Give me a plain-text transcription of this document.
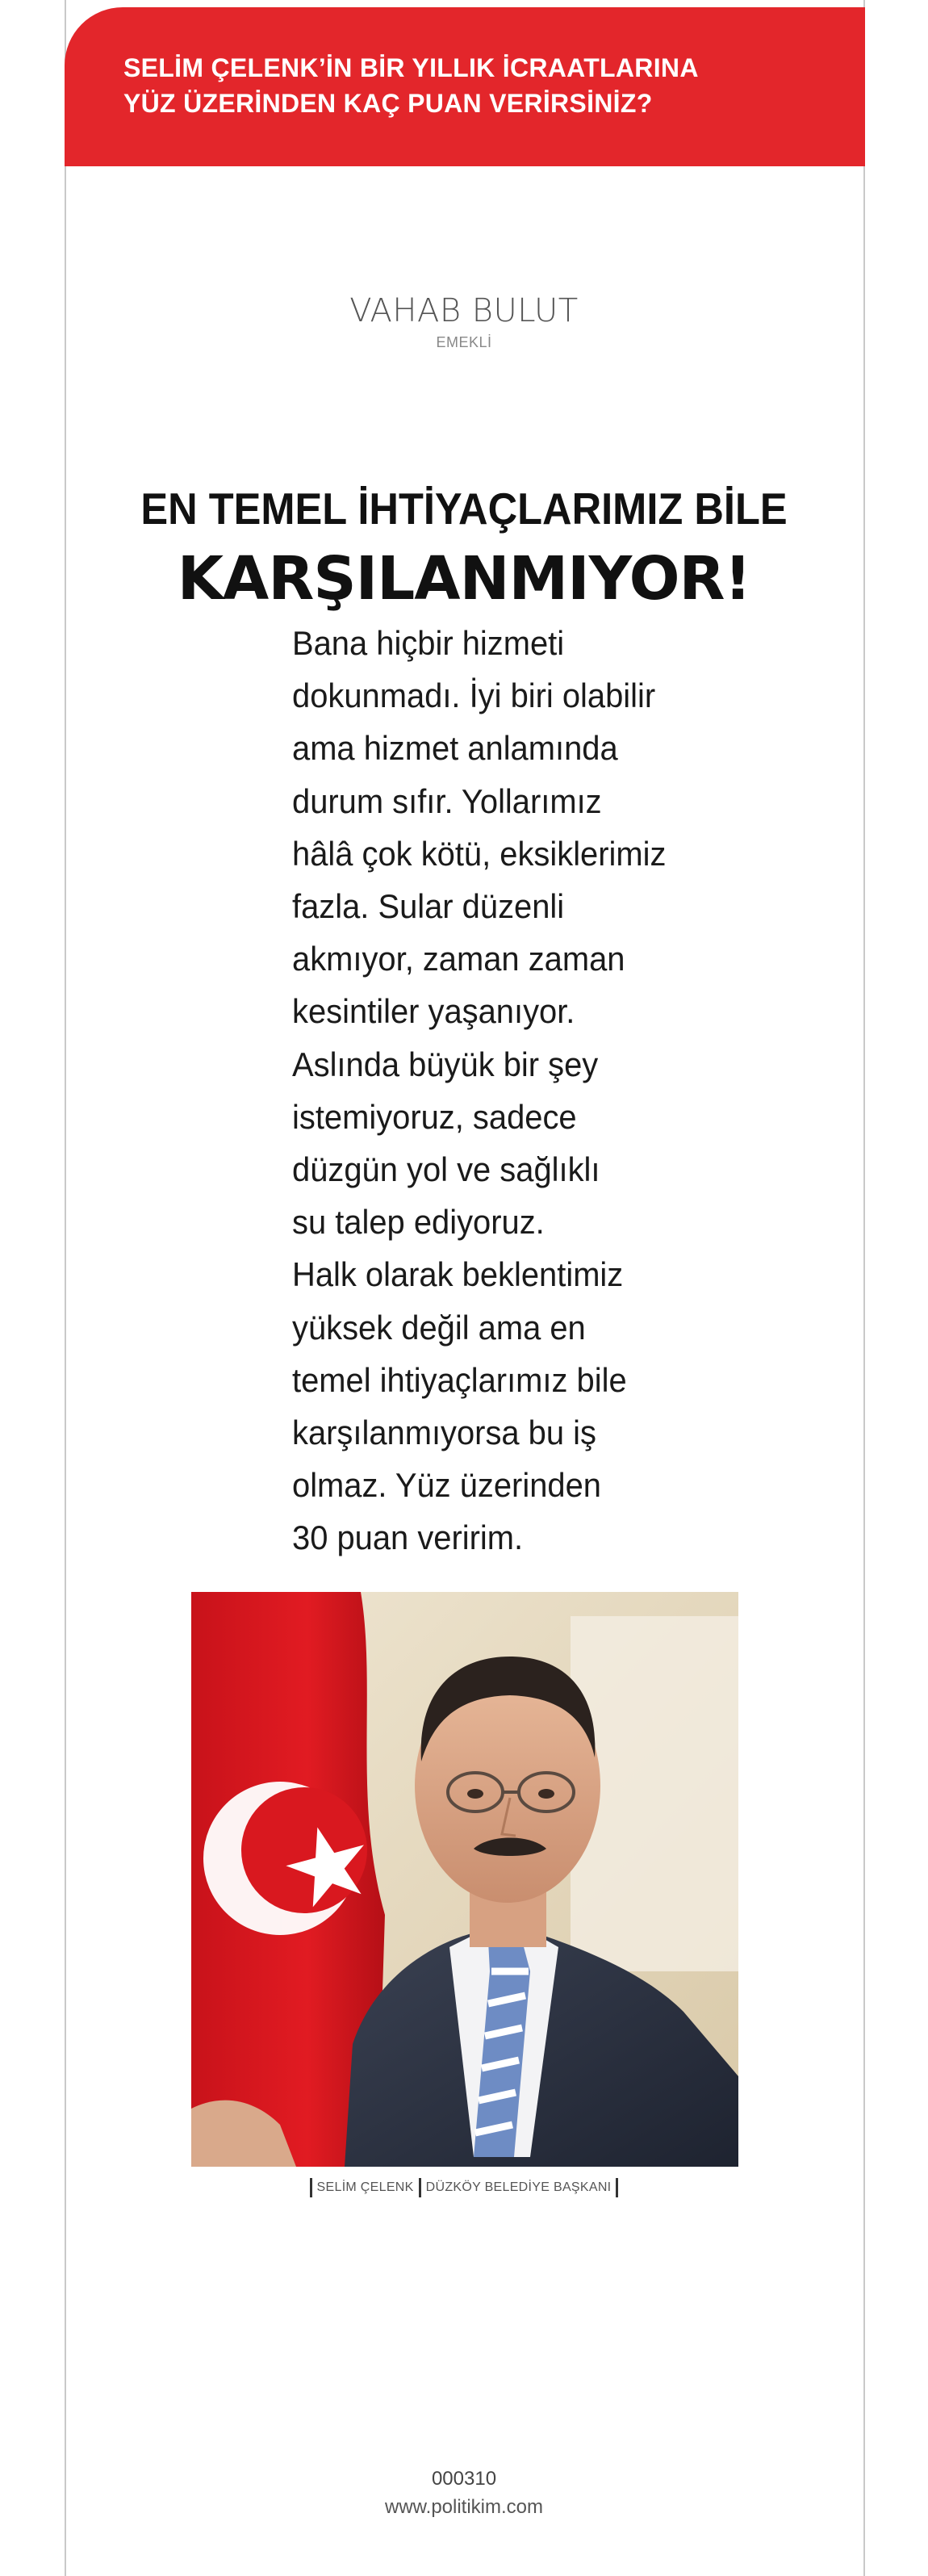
SELİM ÇELENK’İN BİR YILLIK İCRAATLARINA
YÜZ ÜZERİNDEN KAÇ PUAN VERİRSİNİZ?

VAHAB BULUT
EMEKLİ
EN TEMEL İHTİYAÇLARIMIZ BİLE
KARŞILANMIYOR!

Bana hiçbir hizmeti
dokunmadı. İyi biri olabilir
ama hizmet anlamında
durum sıfır. Yollarımız
hâlâ çok kötü, eksiklerimiz
fazla. Sular düzenli
akmıyor, zaman zaman
kesintiler yaşanıyor.
Aslında büyük bir şey
istemiyoruz, sadece
düzgün yol ve sağlıklı
su talep ediyoruz.
Halk olarak beklentimiz
yüksek değil ama en
temel ihtiyaçlarımız bile
karşılanmıyorsa bu iş
olmaz. Yüz üzerinden
30 puan veririm.

SELİM ÇELENK DÜZKÖY BELEDİYE BAŞKANI
000310
www.politikim.com
